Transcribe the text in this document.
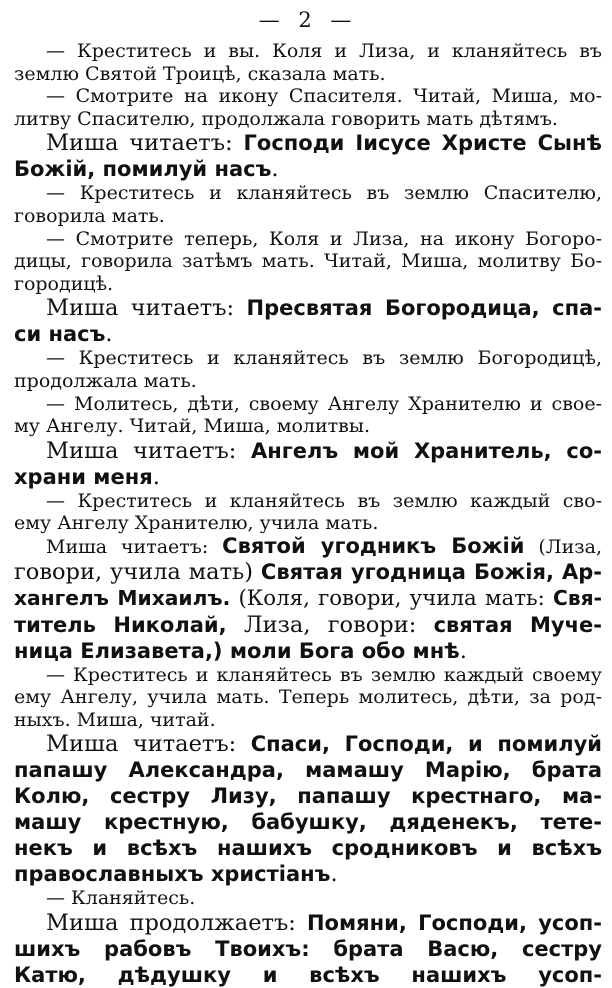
— 2 —
— Креститесь и вы. Коля и Лиза, и кланяйтесь въ
землю Святой Троицѣ, сказала мать.
— Смотрите на икону Спасителя. Читай, Миша, мо-
литву Спасителю, продолжала говорить мать дѣтямъ.
Миша читаетъ: Господи Іисусе Христе Сынѣ
Божій, помилуй насъ.
— Креститесь и кланяйтесь въ землю Спасителю,
говорила мать.
— Смотрите теперь, Коля и Лиза, на икону Богоро-
дицы, говорила затѣмъ мать. Читай, Миша, молитву Бо-
городицѣ.
Миша читаетъ: Пресвятая Богородица, спа-
си насъ.
— Креститесь и кланяйтесь въ землю Богородицѣ,
продолжала мать.
— Молитесь, дѣти, своему Ангелу Хранителю и свое-
му Ангелу. Читай, Миша, молитвы.
Миша читаетъ: Ангелъ мой Хранитель, со-
храни меня.
— Креститесь и кланяйтесь въ землю каждый сво-
ему Ангелу Хранителю, учила мать.
Миша читаетъ: Святой угодникъ Божій (Лиза,
говори, учила мать) Святая угодница Божія, Ар-
хангелъ Михаилъ. (Коля, говори, учила мать: Свя-
титель Николай, Лиза, говори: святая Муче-
ница Елизавета,) моли Бога обо мнѣ.
— Креститесь и кланяйтесь въ землю каждый своему
ему Ангелу, учила мать. Теперь молитесь, дѣти, за род-
ныхъ. Миша, читай.
Миша читаетъ: Спаси, Господи, и помилуй
папашу Александра, мамашу Марію, брата
Колю, сестру Лизу, папашу крестнаго, ма-
машу крестную, бабушку, дяденекъ, тете-
некъ и всѣхъ нашихъ сродниковъ и всѣхъ
православныхъ христіанъ.
— Кланяйтесь.
Миша продолжаетъ: Помяни, Господи, усоп-
шихъ рабовъ Твоихъ: брата Васю, сестру
Катю, дѣдушку и всѣхъ нашихъ усоп-
